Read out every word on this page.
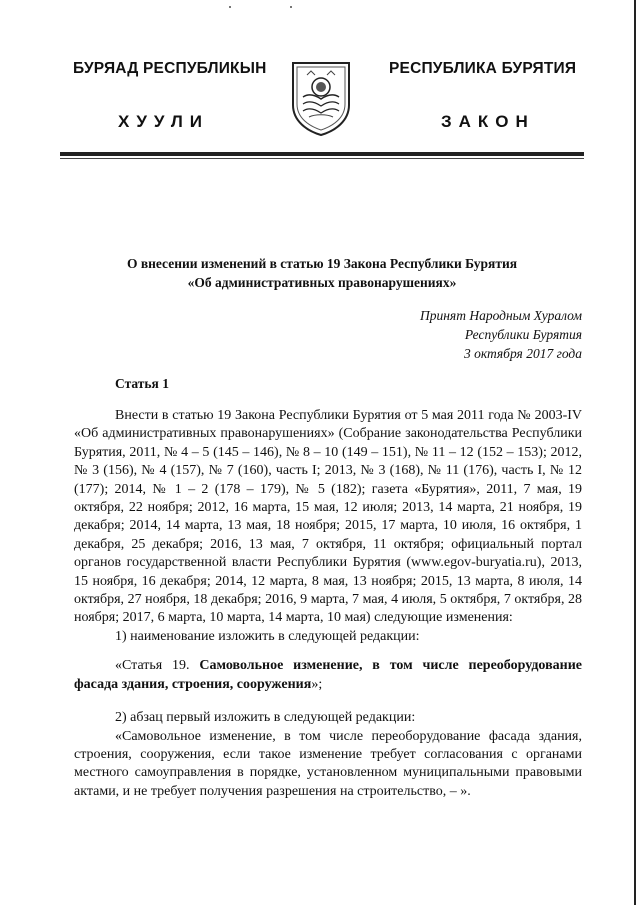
БУРЯАД РЕСПУБЛИКЫН
ХУУЛИ
РЕСПУБЛИКА БУРЯТИЯ
ЗАКОН
О внесении изменений в статью 19 Закона Республики Бурятия
«Об административных правонарушениях»
Принят Народным Хуралом
Республики Бурятия
3 октября 2017 года
Статья 1

Внести в статью 19 Закона Республики Бурятия от 5 мая 2011 года № 2003-IV «Об административных правонарушениях» (Собрание законодательства Республики Бурятия, 2011, № 4 – 5 (145 – 146), № 8 – 10 (149 – 151), № 11 – 12 (152 – 153); 2012, № 3 (156), № 4 (157), № 7 (160), часть I; 2013, № 3 (168), № 11 (176), часть I, № 12 (177); 2014, № 1 – 2 (178 – 179), № 5 (182); газета «Бурятия», 2011, 7 мая, 19 октября, 22 ноября; 2012, 16 марта, 15 мая, 12 июля; 2013, 14 марта, 21 ноября, 19 декабря; 2014, 14 марта, 13 мая, 18 ноября; 2015, 17 марта, 10 июля, 16 октября, 1 декабря, 25 декабря; 2016, 13 мая, 7 октября, 11 октября; официальный портал органов государственной власти Республики Бурятия (www.egov-buryatia.ru), 2013, 15 ноября, 16 декабря; 2014, 12 марта, 8 мая, 13 ноября; 2015, 13 марта, 8 июля, 14 октября, 27 ноября, 18 декабря; 2016, 9 марта, 7 мая, 4 июля, 5 октября, 7 октября, 28 ноября; 2017, 6 марта, 10 марта, 14 марта, 10 мая) следующие изменения:

1) наименование изложить в следующей редакции:

«Статья 19. Самовольное изменение, в том числе переоборудование фасада здания, строения, сооружения»;

2) абзац первый изложить в следующей редакции:

«Самовольное изменение, в том числе переоборудование фасада здания, строения, сооружения, если такое изменение требует согласования с органами местного самоуправления в порядке, установленном муниципальными правовыми актами, и не требует получения разрешения на строительство, – ».
